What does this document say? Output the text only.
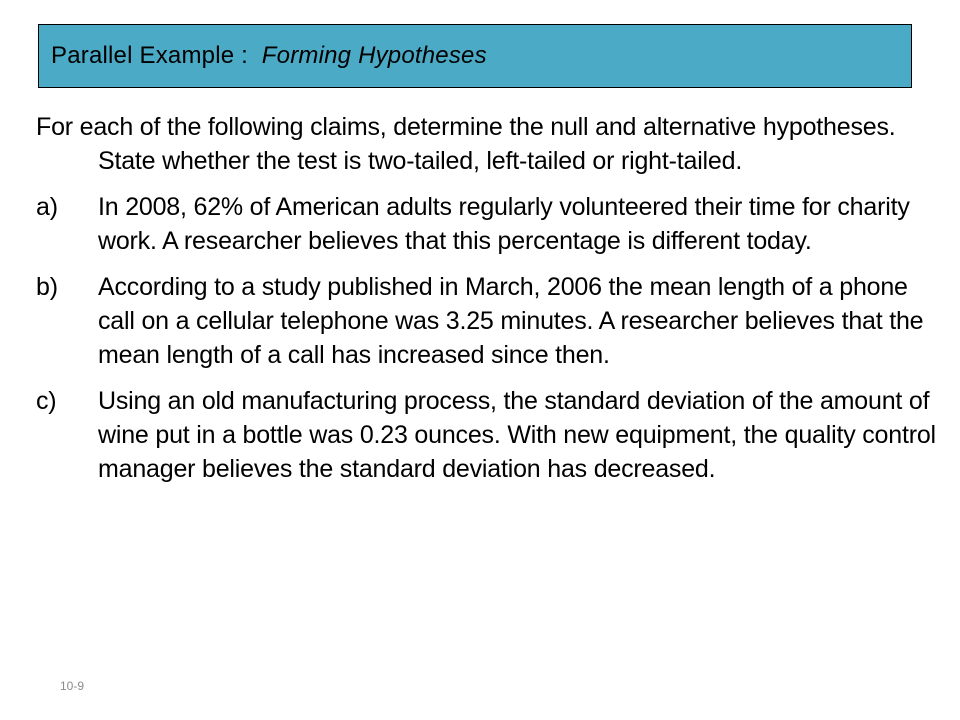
Parallel Example : Forming Hypotheses

For each of the following claims, determine the null and alternative hypotheses. State whether the test is two-tailed, left-tailed or right-tailed.

a)	In 2008, 62% of American adults regularly volunteered their time for charity work. A researcher believes that this percentage is different today.
b)	According to a study published in March, 2006 the mean length of a phone call on a cellular telephone was 3.25 minutes. A researcher believes that the mean length of a call has increased since then.
c)	Using an old manufacturing process, the standard deviation of the amount of wine put in a bottle was 0.23 ounces. With new equipment, the quality control manager believes the standard deviation has decreased.
10-9
